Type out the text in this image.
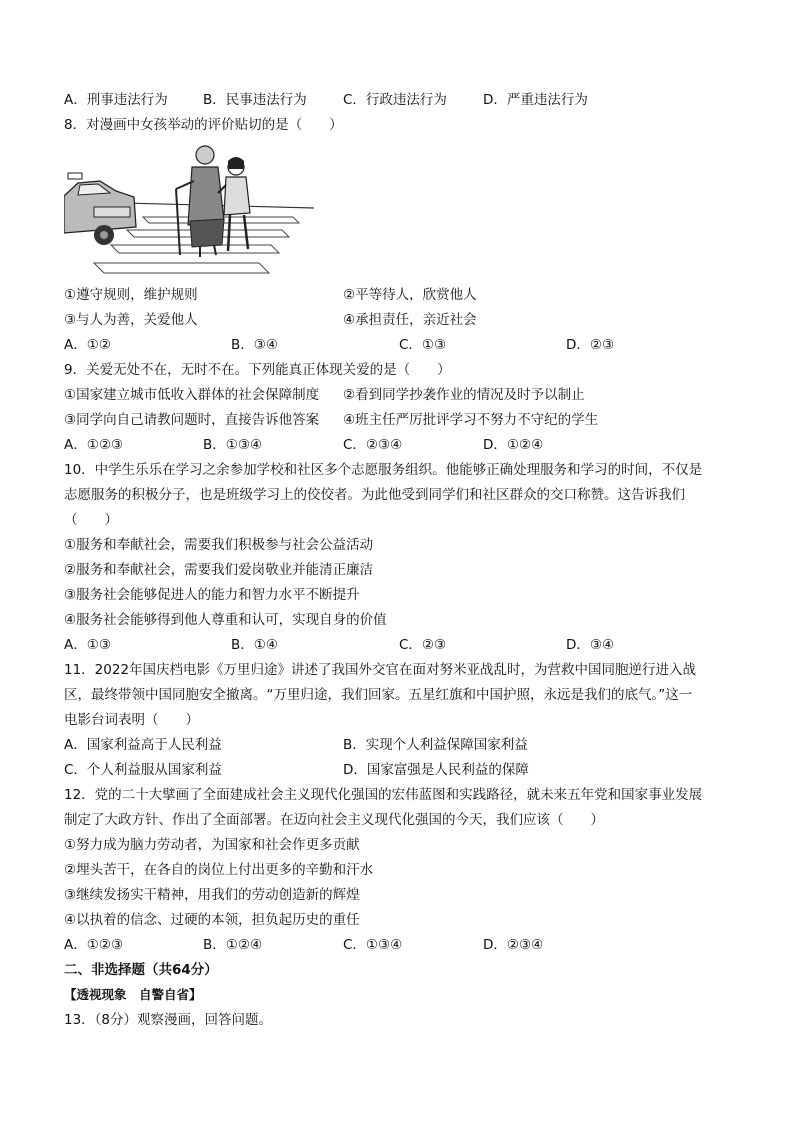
A．刑事违法行为	B．民事违法行为	C．行政违法行为	D．严重违法行为
8．对漫画中女孩举动的评价贴切的是（　　）
①遵守规则，维护规则	②平等待人，欣赏他人
③与人为善，关爱他人	④承担责任，亲近社会
A．①②	B．③④	C．①③	D．②③
9．关爱无处不在，无时不在。下列能真正体现关爱的是（　　）
①国家建立城市低收入群体的社会保障制度 ②看到同学抄袭作业的情况及时予以制止
③同学向自己请教问题时，直接告诉他答案 ④班主任严厉批评学习不努力不守纪的学生
A．①②③	B．①③④	C．②③④	D．①②④
10．中学生乐乐在学习之余参加学校和社区多个志愿服务组织。他能够正确处理服务和学习的时间，不仅是
志愿服务的积极分子，也是班级学习上的佼佼者。为此他受到同学们和社区群众的交口称赞。这告诉我们
（　　）
①服务和奉献社会，需要我们积极参与社会公益活动
②服务和奉献社会，需要我们爱岗敬业并能清正廉洁
③服务社会能够促进人的能力和智力水平不断提升
④服务社会能够得到他人尊重和认可，实现自身的价值
A．①③	B．①④	C．②③	D．③④
11．2022年国庆档电影《万里归途》讲述了我国外交官在面对努米亚战乱时，为营救中国同胞逆行进入战
区，最终带领中国同胞安全撤离。“万里归途，我们回家。五星红旗和中国护照，永远是我们的底气。”这一
电影台词表明（　　）
A．国家利益高于人民利益	B．实现个人利益保障国家利益
C．个人利益服从国家利益	D．国家富强是人民利益的保障
12．党的二十大擘画了全面建成社会主义现代化强国的宏伟蓝图和实践路径，就未来五年党和国家事业发展
制定了大政方针、作出了全面部署。在迈向社会主义现代化强国的今天，我们应该（　　）
①努力成为脑力劳动者，为国家和社会作更多贡献
②埋头苦干，在各自的岗位上付出更多的辛勤和汗水
③继续发扬实干精神，用我们的劳动创造新的辉煌
④以执着的信念、过硬的本领，担负起历史的重任
A．①②③	B．①②④	C．①③④	D．②③④
二、非选择题（共64分）
【透视现象　自警自省】
13．（8分）观察漫画，回答问题。
